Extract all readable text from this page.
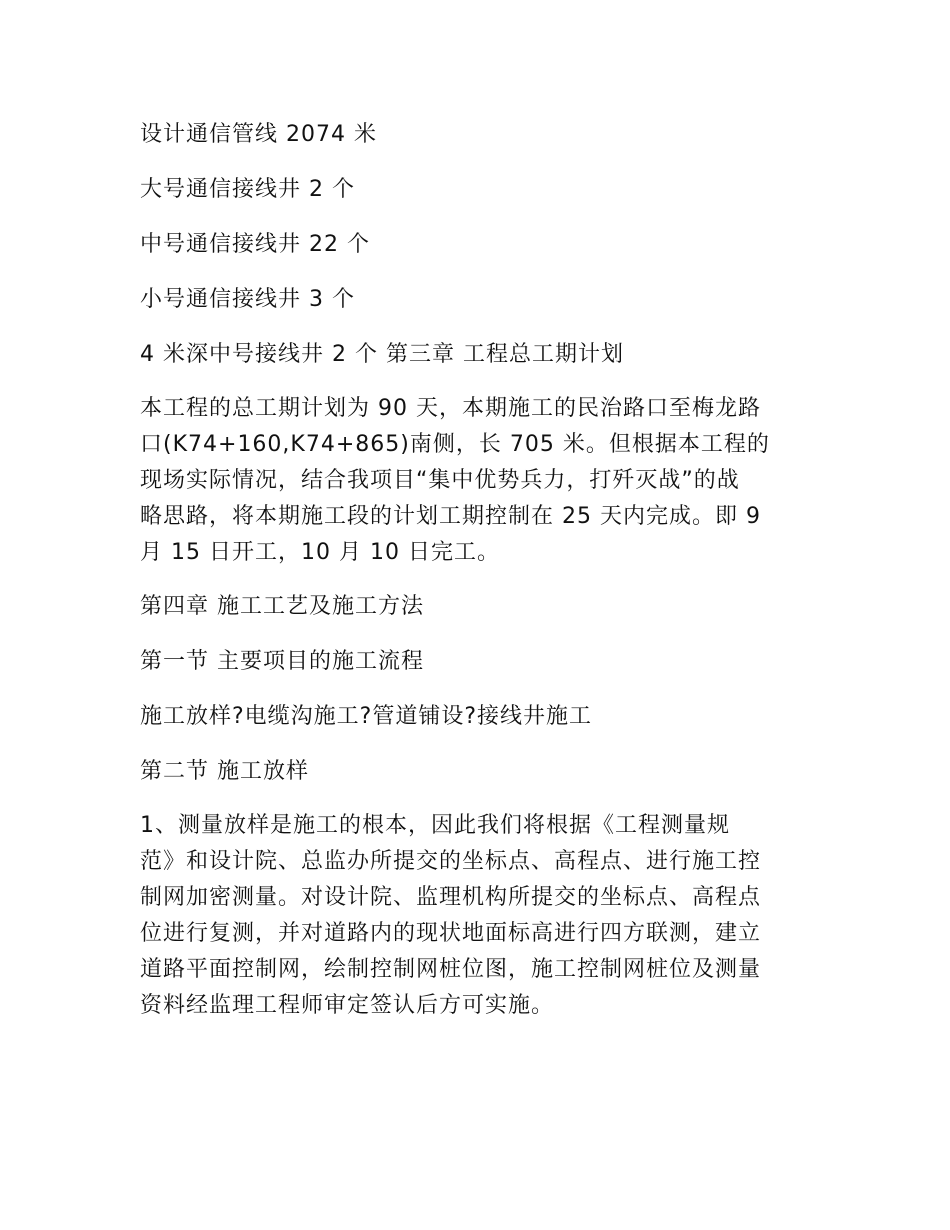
设计通信管线 2074 米

大号通信接线井 2 个

中号通信接线井 22 个

小号通信接线井 3 个

4 米深中号接线井 2 个 第三章 工程总工期计划

本工程的总工期计划为 90 天，本期施工的民治路口至梅龙路
口(K74+160,K74+865)南侧，长 705 米。但根据本工程的
现场实际情况，结合我项目“集中优势兵力，打歼灭战”的战
略思路，将本期施工段的计划工期控制在 25 天内完成。即 9
月 15 日开工，10 月 10 日完工。

第四章 施工工艺及施工方法

第一节 主要项目的施工流程

施工放样?电缆沟施工?管道铺设?接线井施工

第二节 施工放样

1、测量放样是施工的根本，因此我们将根据《工程测量规
范》和设计院、总监办所提交的坐标点、高程点、进行施工控
制网加密测量。对设计院、监理机构所提交的坐标点、高程点
位进行复测，并对道路内的现状地面标高进行四方联测，建立
道路平面控制网，绘制控制网桩位图，施工控制网桩位及测量
资料经监理工程师审定签认后方可实施。
